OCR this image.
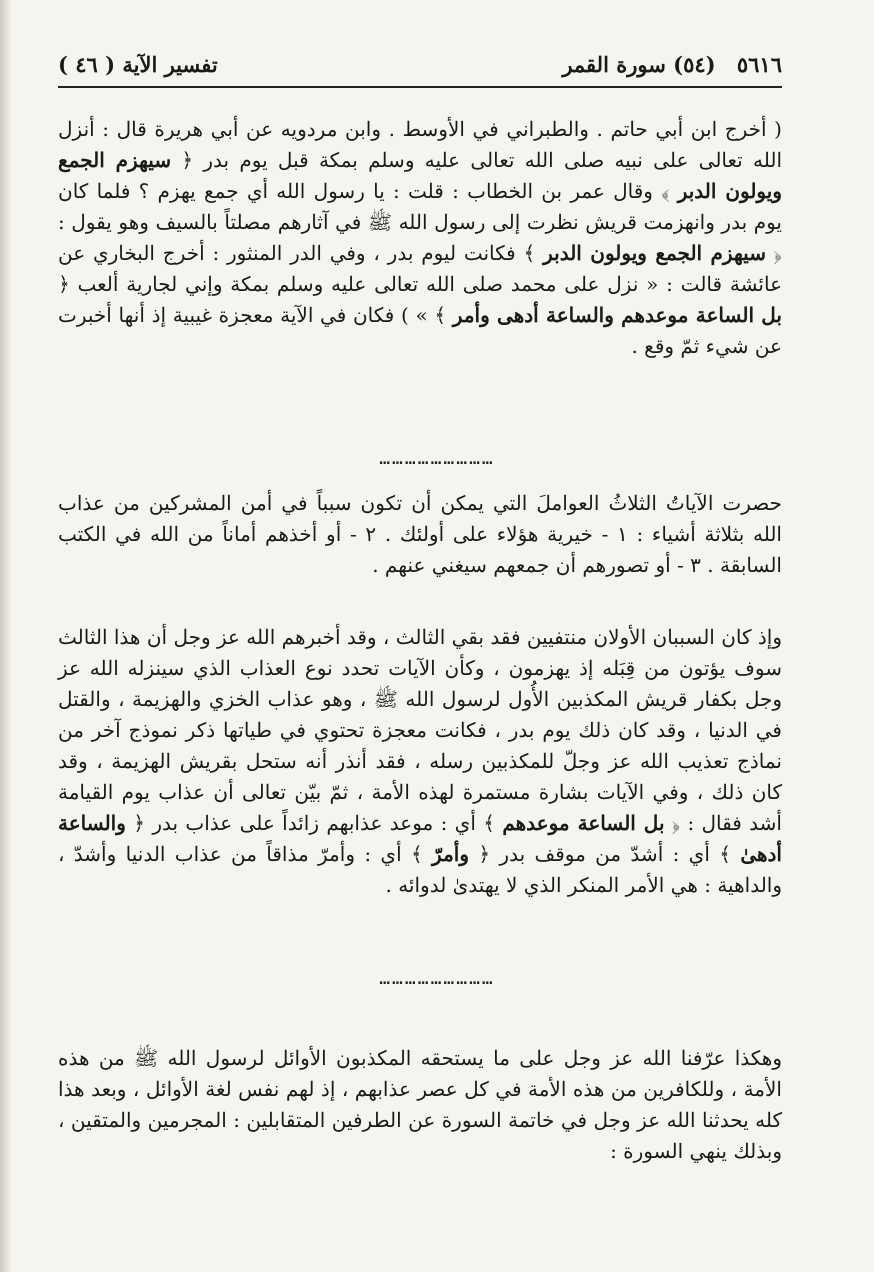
٥٦١٦ (٥٤) سورة القمر
تفسير الآية ( ٤٦ )

( أخرج ابن أبي حاتم . والطبراني في الأوسط . وابن مردويه عن أبي هريرة قال : أنزل الله تعالى على نبيه صلى الله تعالى عليه وسلم بمكة قبل يوم بدر ﴿ سيهزم الجمع ويولون الدبر ﴾ وقال عمر بن الخطاب : قلت : يا رسول الله أي جمع يهزم ؟ فلما كان يوم بدر وانهزمت قريش نظرت إلى رسول الله ﷺ في آثارهم مصلتاً بالسيف وهو يقول : ﴿ سيهزم الجمع ويولون الدبر ﴾ فكانت ليوم بدر ، وفي الدر المنثور : أخرج البخاري عن عائشة قالت : « نزل على محمد صلى الله تعالى عليه وسلم بمكة وإني لجارية ألعب ﴿ بل الساعة موعدهم والساعة أدهى وأمر ﴾ » ) فكان في الآية معجزة غيبية إذ أنها أخبرت عن شيء ثمّ وقع .

………………………

حصرت الآياتُ الثلاثُ العواملَ التي يمكن أن تكون سبباً في أمن المشركين من عذاب الله بثلاثة أشياء : ١ - خيرية هؤلاء على أولئك . ٢ - أو أخذهم أماناً من الله في الكتب السابقة . ٣ - أو تصورهم أن جمعهم سيغني عنهم .

وإذ كان السببان الأولان منتفيين فقد بقي الثالث ، وقد أخبرهم الله عز وجل أن هذا الثالث سوف يؤتون من قِبَله إذ يهزمون ، وكأن الآيات تحدد نوع العذاب الذي سينزله الله عز وجل بكفار قريش المكذبين الأُول لرسول الله ﷺ ، وهو عذاب الخزي والهزيمة ، والقتل في الدنيا ، وقد كان ذلك يوم بدر ، فكانت معجزة تحتوي في طياتها ذكر نموذج آخر من نماذج تعذيب الله عز وجلّ للمكذبين رسله ، فقد أنذر أنه ستحل بقريش الهزيمة ، وقد كان ذلك ، وفي الآيات بشارة مستمرة لهذه الأمة ، ثمّ بيّن تعالى أن عذاب يوم القيامة أشد فقال : ﴿ بل الساعة موعدهم ﴾ أي : موعد عذابهم زائداً على عذاب بدر ﴿ والساعة أدهىٰ ﴾ أي : أشدّ من موقف بدر ﴿ وأمرّ ﴾ أي : وأمرّ مذاقاً من عذاب الدنيا وأشدّ ، والداهية : هي الأمر المنكر الذي لا يهتدىٰ لدوائه .

………………………

وهكذا عرّفنا الله عز وجل على ما يستحقه المكذبون الأوائل لرسول الله ﷺ من هذه الأمة ، وللكافرين من هذه الأمة في كل عصر عذابهم ، إذ لهم نفس لغة الأوائل ، وبعد هذا كله يحدثنا الله عز وجل في خاتمة السورة عن الطرفين المتقابلين : المجرمين والمتقين ، وبذلك ينهي السورة :
